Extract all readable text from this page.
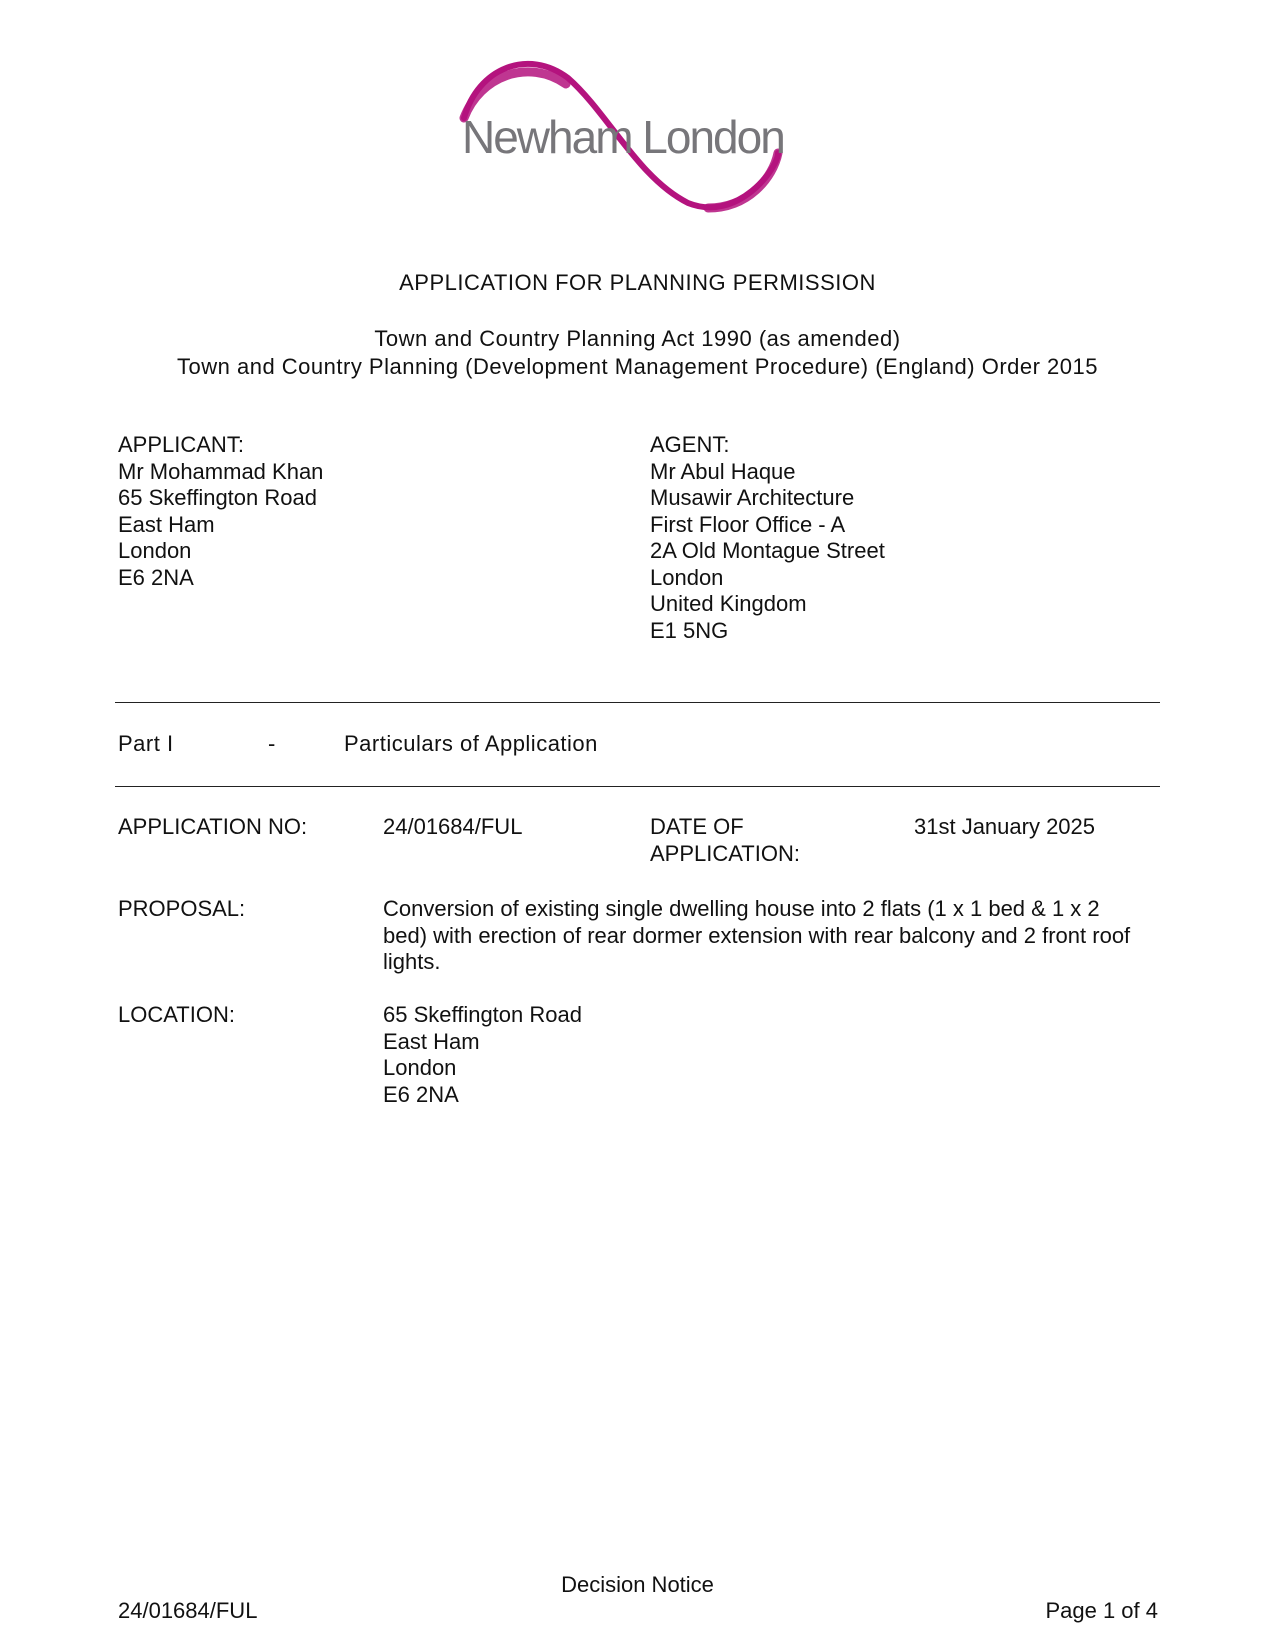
Newham London
APPLICATION FOR PLANNING PERMISSION
Town and Country Planning Act 1990 (as amended)
Town and Country Planning (Development Management Procedure) (England) Order 2015
APPLICANT:
Mr Mohammad Khan
65 Skeffington Road
East Ham
London
E6 2NA
AGENT:
Mr Abul Haque
Musawir Architecture
First Floor Office - A
2A Old Montague Street
London
United Kingdom
E1 5NG
Part I	-	Particulars of Application
APPLICATION NO:	24/01684/FUL	DATE OF APPLICATION:
31st January 2025
PROPOSAL:	Conversion of existing single dwelling house into 2 flats (1 x 1 bed & 1 x 2 bed) with erection of rear dormer extension with rear balcony and 2 front roof lights.
LOCATION:	65 Skeffington Road
East Ham
London
E6 2NA
Decision Notice
24/01684/FUL	Page 1 of 4
